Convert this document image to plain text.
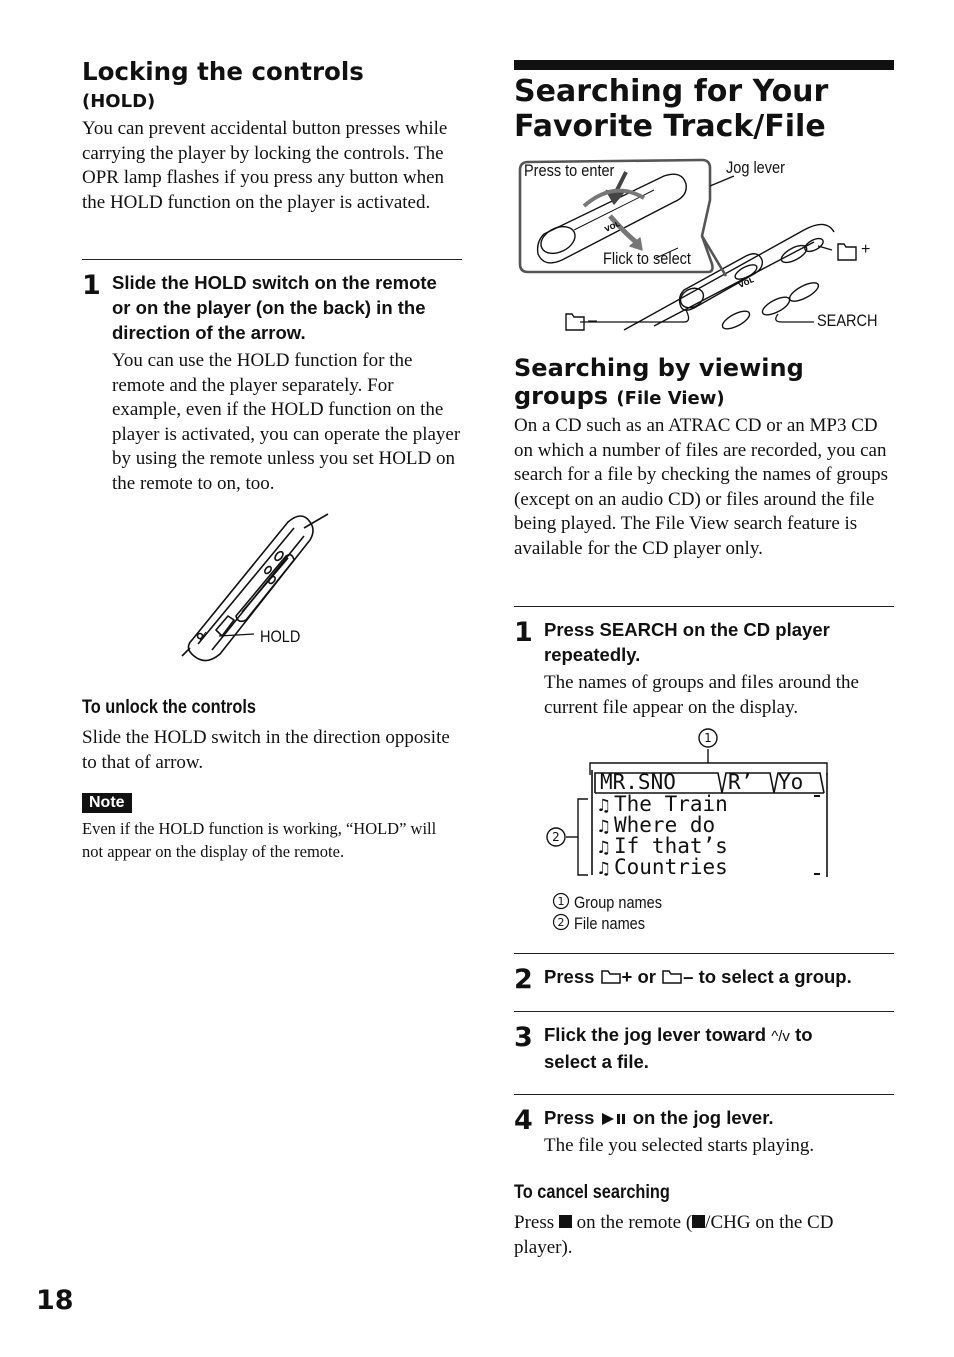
Locking the controls
(HOLD)
You can prevent accidental button presses while carrying the player by locking the controls. The OPR lamp flashes if you press any button when the HOLD function on the player is activated.
1 Slide the HOLD switch on the remote or on the player (on the back) in the direction of the arrow.
You can use the HOLD function for the remote and the player separately. For example, even if the HOLD function on the player is activated, you can operate the player by using the remote unless you set HOLD on the remote to on, too.
HOLD
To unlock the controls
Slide the HOLD switch in the direction opposite to that of arrow.
Note
Even if the HOLD function is working, “HOLD” will not appear on the display of the remote.
Searching for Your Favorite Track/File
VOL
VOL
Press to enter	Jog lever
Flick to select
+
–	SEARCH
Searching by viewing groups (File View)
On a CD such as an ATRAC CD or an MP3 CD on which a number of files are recorded, you can search for a file by checking the names of groups (except on an audio CD) or files around the file being played. The File View search feature is available for the CD player only.
1 Press SEARCH on the CD player repeatedly.
The names of groups and files around the current file appear on the display.
1
2
MR.SNO R’ Yo
The Train
Where do
If that’s
Countries
♫
♫
♫
♫
1 Group names
2 File names
2 Press + or – to select a group.
3 Flick the jog lever toward ^/v to
select a file.
4 Press on the jog lever.
The file you selected starts playing.
To cancel searching
Press on the remote ( /CHG on the CD player).
18
